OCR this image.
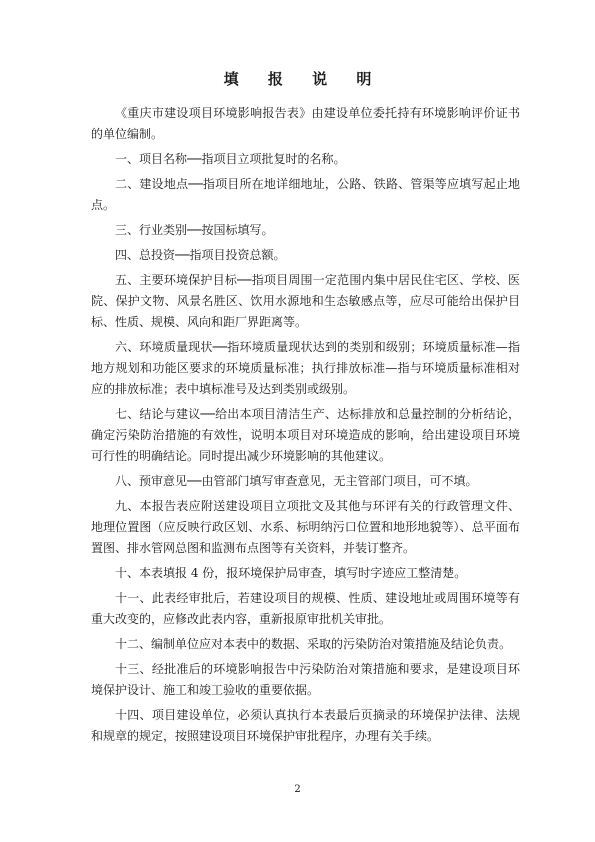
填 报 说 明

《重庆市建设项目环境影响报告表》由建设单位委托持有环境影响评价证书的单位编制。

一、项目名称──指项目立项批复时的名称。

二、建设地点──指项目所在地详细地址，公路、铁路、管渠等应填写起止地点。

三、行业类别──按国标填写。

四、总投资──指项目投资总额。

五、主要环境保护目标──指项目周围一定范围内集中居民住宅区、学校、医院、保护文物、风景名胜区、饮用水源地和生态敏感点等，应尽可能给出保护目标、性质、规模、风向和距厂界距离等。

六、环境质量现状──指环境质量现状达到的类别和级别；环境质量标准—指地方规划和功能区要求的环境质量标准；执行排放标准—指与环境质量标准相对应的排放标准；表中填标准号及达到类别或级别。

七、结论与建议──给出本项目清洁生产、达标排放和总量控制的分析结论，确定污染防治措施的有效性，说明本项目对环境造成的影响，给出建设项目环境可行性的明确结论。同时提出减少环境影响的其他建议。

八、预审意见──由管部门填写审查意见，无主管部门项目，可不填。

九、本报告表应附送建设项目立项批文及其他与环评有关的行政管理文件、地理位置图（应反映行政区划、水系、标明纳污口位置和地形地貌等）、总平面布置图、排水管网总图和监测布点图等有关资料，并装订整齐。

十、本表填报 4 份，报环境保护局审查，填写时字迹应工整清楚。

十一、此表经审批后，若建设项目的规模、性质、建设地址或周围环境等有重大改变的，应修改此表内容，重新报原审批机关审批。

十二、编制单位应对本表中的数据、采取的污染防治对策措施及结论负责。

十三、经批准后的环境影响报告中污染防治对策措施和要求，是建设项目环境保护设计、施工和竣工验收的重要依据。

十四、项目建设单位，必须认真执行本表最后页摘录的环境保护法律、法规和规章的规定，按照建设项目环境保护审批程序，办理有关手续。

2
